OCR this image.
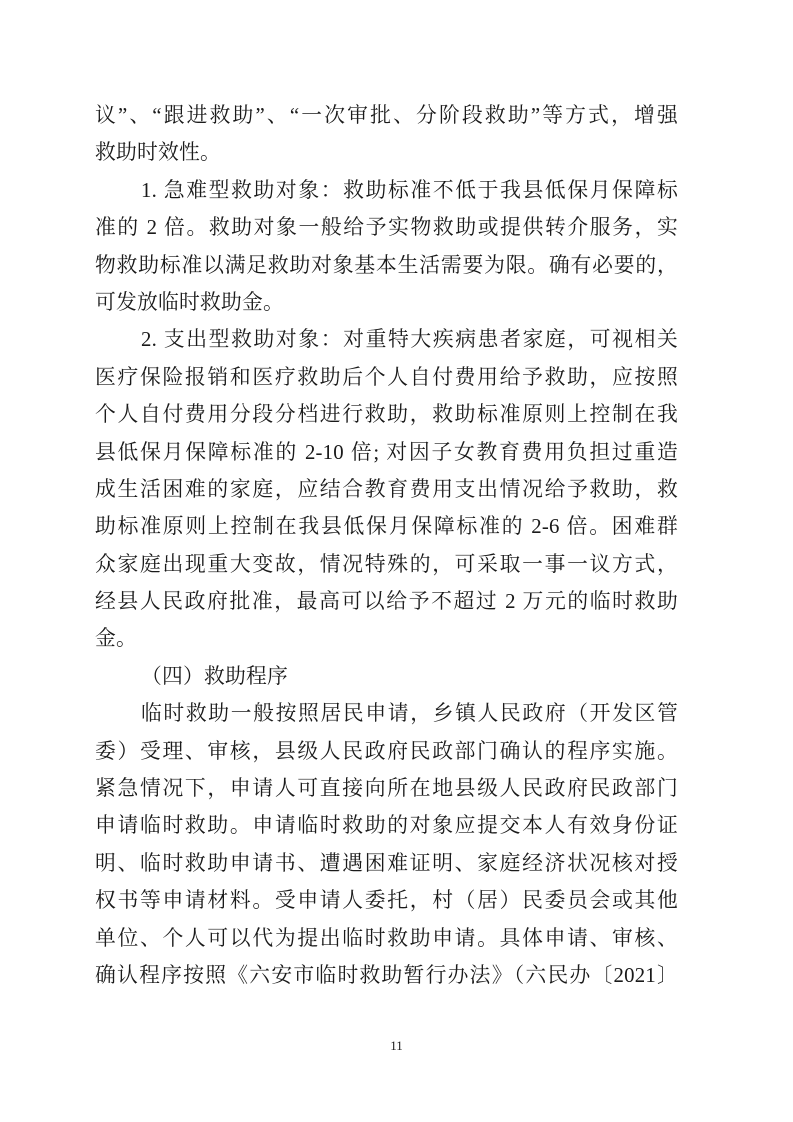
议”、“跟进救助”、“一次审批、分阶段救助”等方式，增强
救助时效性。
1. 急难型救助对象：救助标准不低于我县低保月保障标
准的 2 倍。救助对象一般给予实物救助或提供转介服务，实
物救助标准以满足救助对象基本生活需要为限。确有必要的，
可发放临时救助金。
2. 支出型救助对象：对重特大疾病患者家庭，可视相关
医疗保险报销和医疗救助后个人自付费用给予救助，应按照
个人自付费用分段分档进行救助，救助标准原则上控制在我
县低保月保障标准的 2-10 倍; 对因子女教育费用负担过重造
成生活困难的家庭，应结合教育费用支出情况给予救助，救
助标准原则上控制在我县低保月保障标准的 2-6 倍。困难群
众家庭出现重大变故，情况特殊的，可采取一事一议方式，
经县人民政府批准，最高可以给予不超过 2 万元的临时救助
金。
（四）救助程序
临时救助一般按照居民申请，乡镇人民政府（开发区管
委）受理、审核，县级人民政府民政部门确认的程序实施。
紧急情况下，申请人可直接向所在地县级人民政府民政部门
申请临时救助。申请临时救助的对象应提交本人有效身份证
明、临时救助申请书、遭遇困难证明、家庭经济状况核对授
权书等申请材料。受申请人委托，村（居）民委员会或其他
单位、个人可以代为提出临时救助申请。具体申请、审核、
确认程序按照《六安市临时救助暂行办法》（六民办〔2021〕
11
